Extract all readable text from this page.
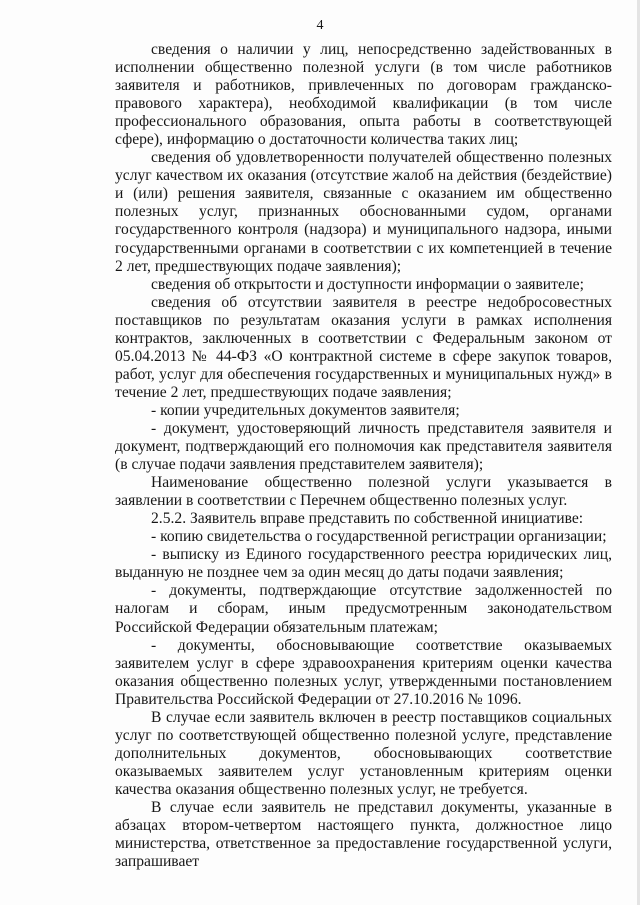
4

сведения о наличии у лиц, непосредственно задействованных в исполнении общественно полезной услуги (в том числе работников заявителя и работников, привлеченных по договорам гражданско-правового характера), необходимой квалификации (в том числе профессионального образования, опыта работы в соответствующей сфере), информацию о достаточности количества таких лиц;

сведения об удовлетворенности получателей общественно полезных услуг качеством их оказания (отсутствие жалоб на действия (бездействие) и (или) решения заявителя, связанные с оказанием им общественно полезных услуг, признанных обоснованными судом, органами государственного контроля (надзора) и муниципального надзора, иными государственными органами в соответствии с их компетенцией в течение 2 лет, предшествующих подаче заявления);

сведения об открытости и доступности информации о заявителе;

сведения об отсутствии заявителя в реестре недобросовестных поставщиков по результатам оказания услуги в рамках исполнения контрактов, заключенных в соответствии с Федеральным законом от 05.04.2013 № 44-ФЗ «О контрактной системе в сфере закупок товаров, работ, услуг для обеспечения государственных и муниципальных нужд» в течение 2 лет, предшествующих подаче заявления;

- копии учредительных документов заявителя;

- документ, удостоверяющий личность представителя заявителя и документ, подтверждающий его полномочия как представителя заявителя (в случае подачи заявления представителем заявителя);

Наименование общественно полезной услуги указывается в заявлении в соответствии с Перечнем общественно полезных услуг.

2.5.2. Заявитель вправе представить по собственной инициативе:

- копию свидетельства о государственной регистрации организации;

- выписку из Единого государственного реестра юридических лиц, выданную не позднее чем за один месяц до даты подачи заявления;

- документы, подтверждающие отсутствие задолженностей по налогам и сборам, иным предусмотренным законодательством Российской Федерации обязательным платежам;

- документы, обосновывающие соответствие оказываемых заявителем услуг в сфере здравоохранения критериям оценки качества оказания общественно полезных услуг, утвержденными постановлением Правительства Российской Федерации от 27.10.2016 № 1096.

В случае если заявитель включен в реестр поставщиков социальных услуг по соответствующей общественно полезной услуге, представление дополнительных документов, обосновывающих соответствие оказываемых заявителем услуг установленным критериям оценки качества оказания общественно полезных услуг, не требуется.

В случае если заявитель не представил документы, указанные в абзацах втором-четвертом настоящего пункта, должностное лицо министерства, ответственное за предоставление государственной услуги, запрашивает
